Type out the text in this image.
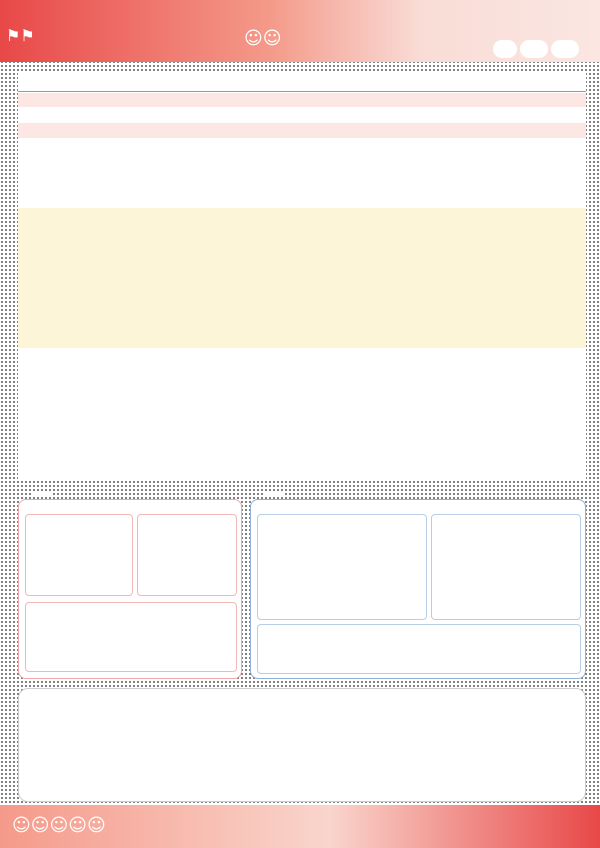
⚑⚑	☺☺
☺☺☺☺☺
